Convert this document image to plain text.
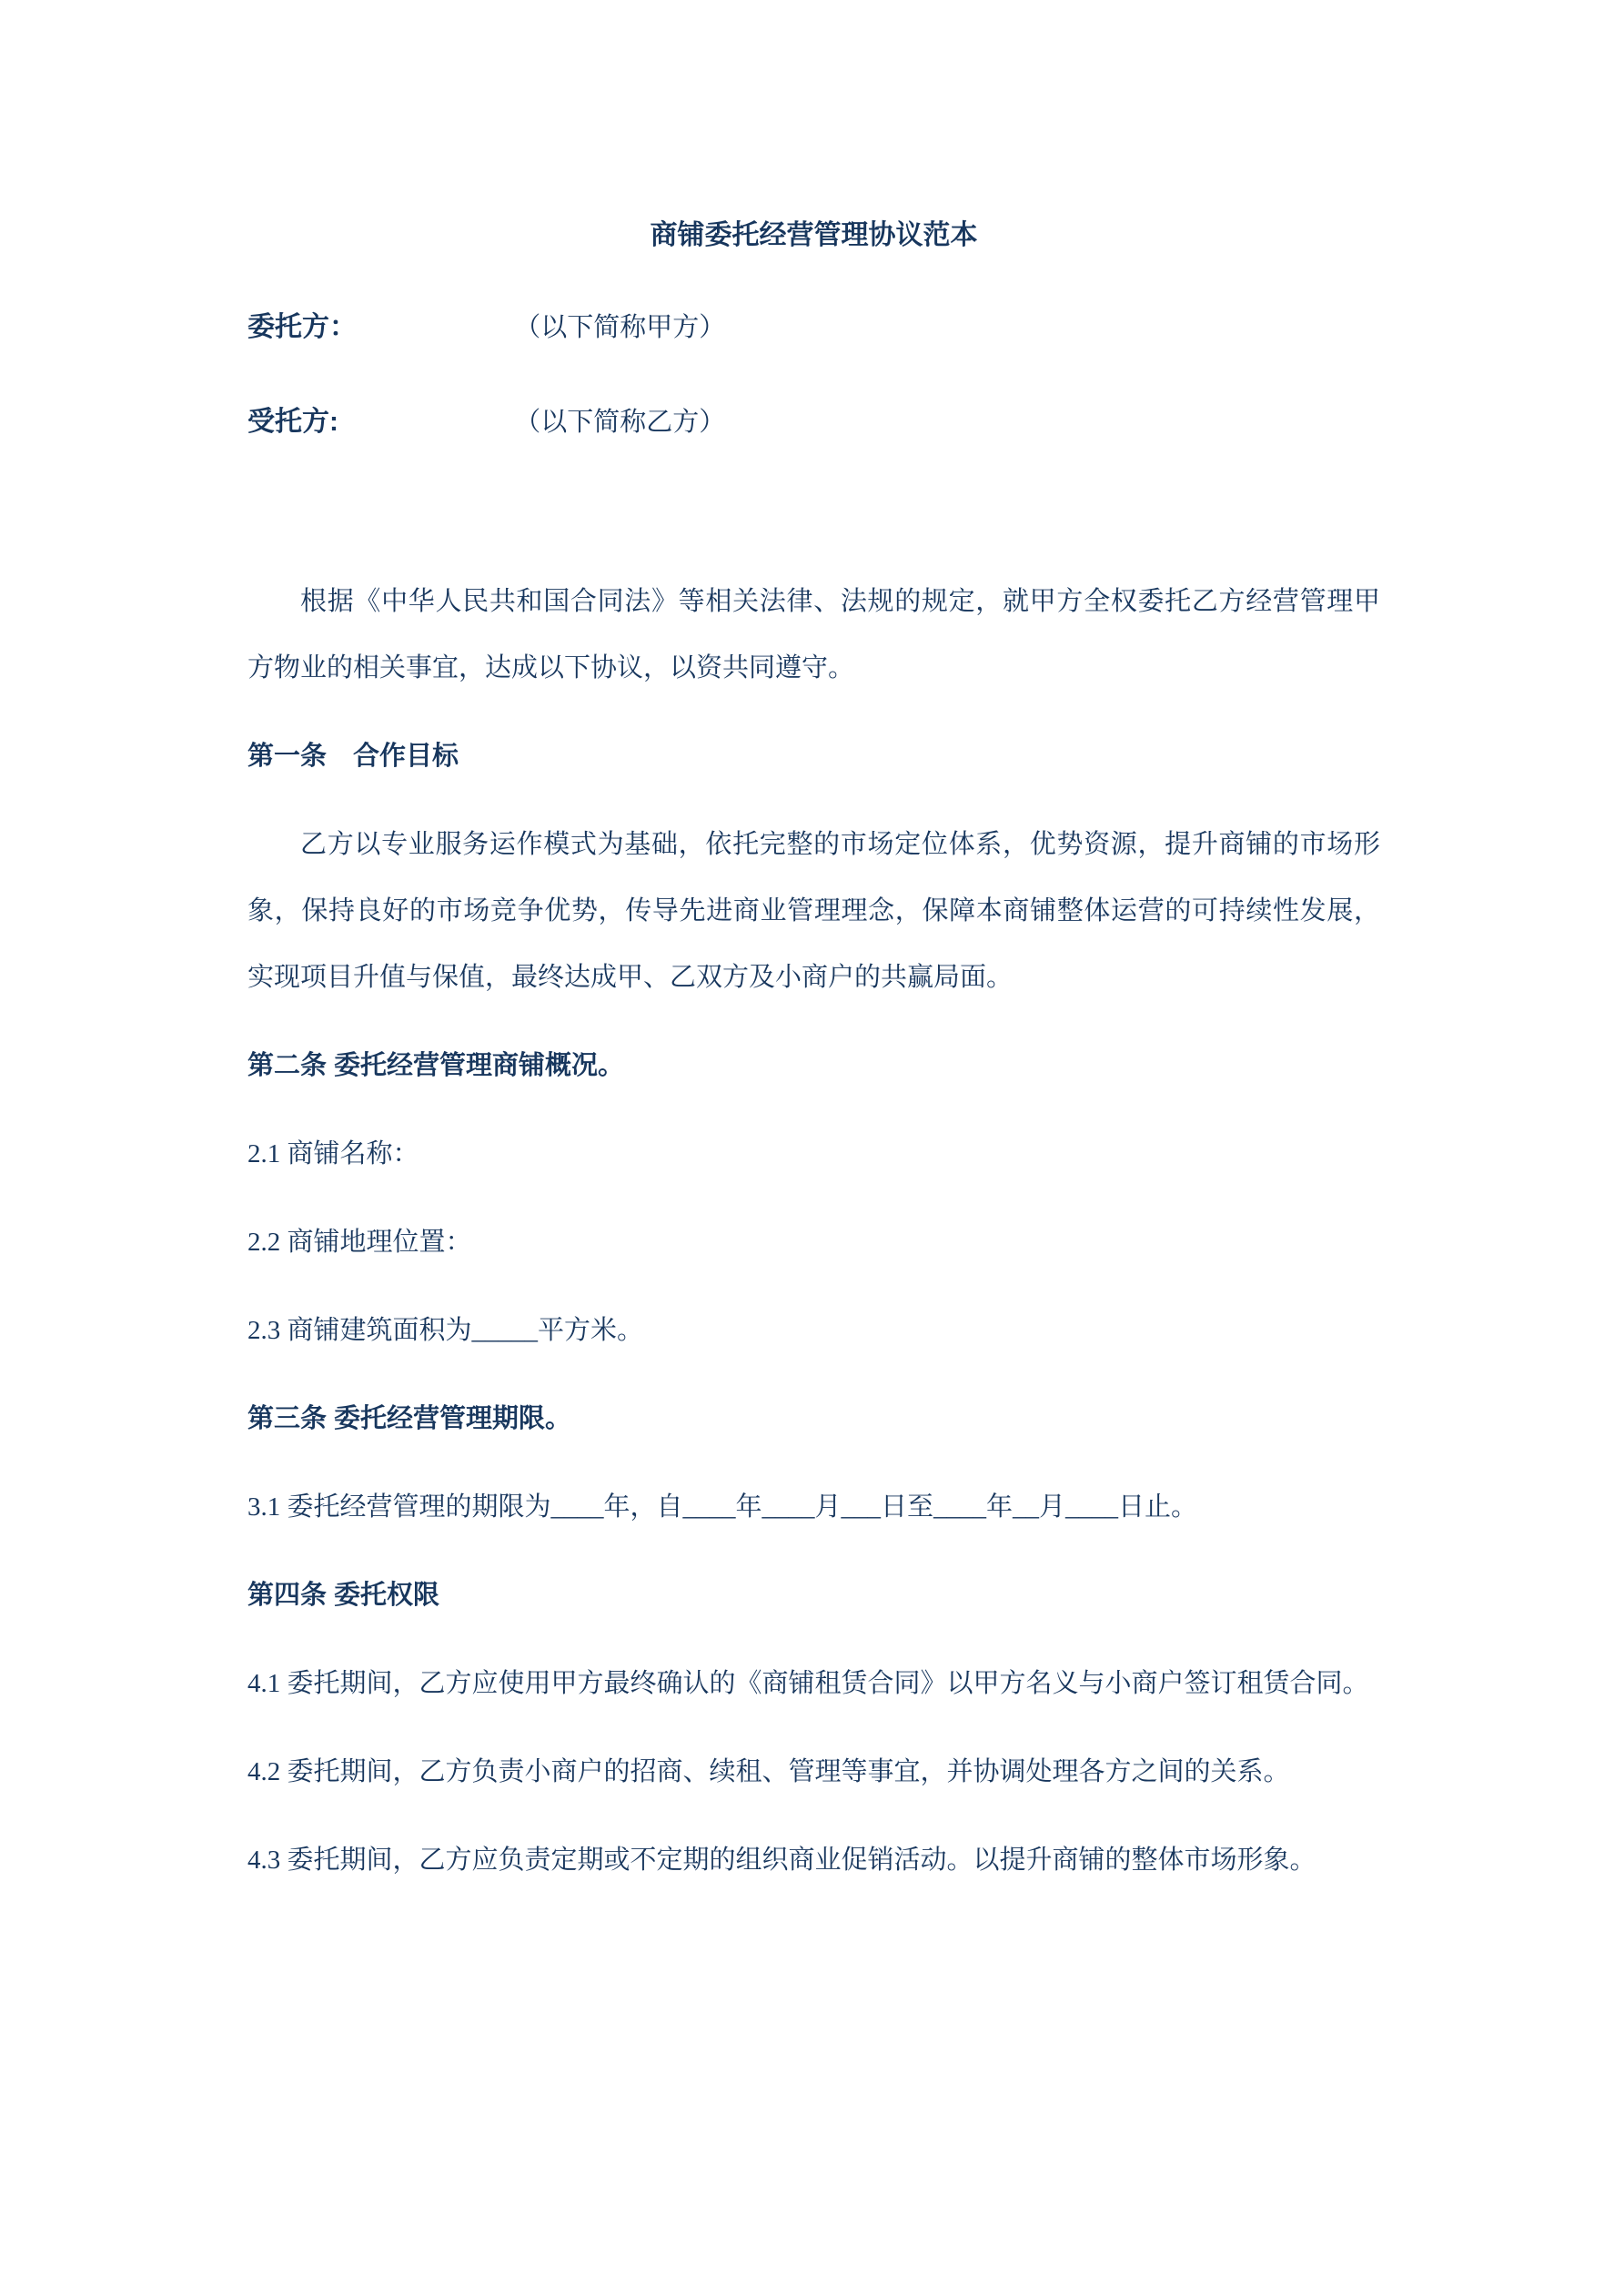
商铺委托经营管理协议范本
委托方：	（以下简称甲方）
受托方:	（以下简称乙方）

根据《中华人民共和国合同法》等相关法律、法规的规定，就甲方全权委托乙方经营管理甲方物业的相关事宜，达成以下协议，以资共同遵守。

第一条　合作目标

乙方以专业服务运作模式为基础，依托完整的市场定位体系，优势资源，提升商铺的市场形象，保持良好的市场竞争优势，传导先进商业管理理念，保障本商铺整体运营的可持续性发展，实现项目升值与保值，最终达成甲、乙双方及小商户的共赢局面。

第二条 委托经营管理商铺概况。

2.1 商铺名称：

2.2 商铺地理位置：

2.3 商铺建筑面积为_____平方米。

第三条 委托经营管理期限。

3.1 委托经营管理的期限为____年，自____年____月___日至____年__月____日止。

第四条 委托权限

4.1 委托期间，乙方应使用甲方最终确认的《商铺租赁合同》以甲方名义与小商户签订租赁合同。

4.2 委托期间，乙方负责小商户的招商、续租、管理等事宜，并协调处理各方之间的关系。

4.3 委托期间，乙方应负责定期或不定期的组织商业促销活动。以提升商铺的整体市场形象。
